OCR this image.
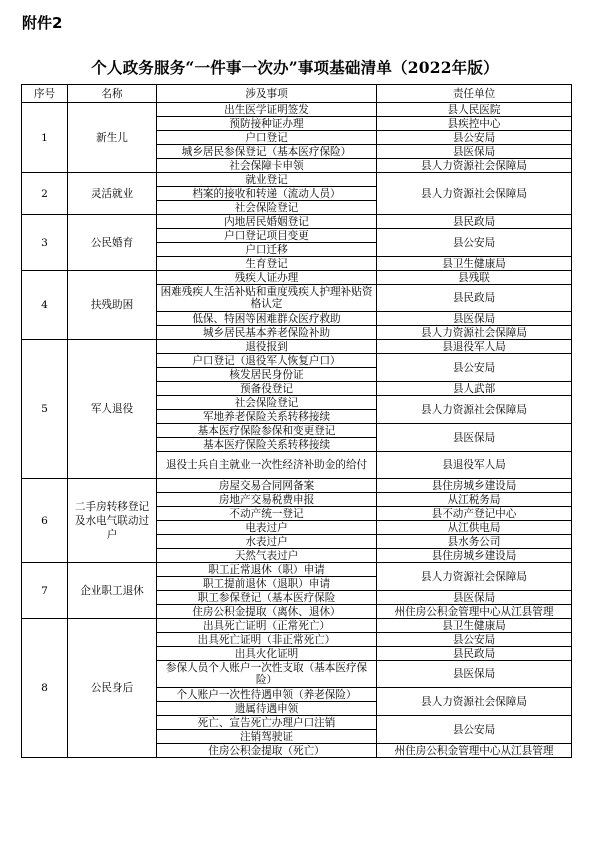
附件2
个人政务服务“一件事一次办”事项基础清单（2022年版）
序号	名称	涉及事项	责任单位
1	新生儿	出生医学证明签发	县人民医院
		预防接种证办理	县疾控中心
		户口登记	县公安局
		城乡居民参保登记（基本医疗保险）	县医保局
		社会保障卡申领	县人力资源社会保障局
2	灵活就业	就业登记	县人力资源社会保障局
		档案的接收和转递（流动人员）	
		社会保险登记	
3	公民婚育	内地居民婚姻登记	县民政局
		户口登记项目变更	县公安局
		户口迁移	
		生育登记	县卫生健康局
4	扶残助困	残疾人证办理	县残联
		困难残疾人生活补贴和重度残疾人护理补贴资格认定	县民政局
		低保、特困等困难群众医疗救助	县医保局
		城乡居民基本养老保险补助	县人力资源社会保障局
5	军人退役	退役报到	县退役军人局
		户口登记（退役军人恢复户口）	县公安局
		核发居民身份证	
		预备役登记	县人武部
		社会保险登记	县人力资源社会保障局
		军地养老保险关系转移接续	
		基本医疗保险参保和变更登记	县医保局
		基本医疗保险关系转移接续	
		退役士兵自主就业一次性经济补助金的给付	县退役军人局
6	二手房转移登记及水电气联动过户	房屋交易合同网备案	县住房城乡建设局
		房地产交易税费申报	从江税务局
		不动产统一登记	县不动产登记中心
		电表过户	从江供电局
		水表过户	县水务公司
		天然气表过户	县住房城乡建设局
7	企业职工退休	职工正常退休（职）申请	县人力资源社会保障局
		职工提前退休（退职）申请	
		职工参保登记（基本医疗保险	县医保局
		住房公积金提取（离休、退休）	州住房公积金管理中心从江县管理
8	公民身后	出具死亡证明（正常死亡）	县卫生健康局
		出具死亡证明（非正常死亡）	县公安局
		出具火化证明	县民政局
		参保人员个人账户一次性支取（基本医疗保险）	县医保局
		个人账户一次性待遇申领（养老保险）	县人力资源社会保障局
		遗属待遇申领	
		死亡、宣告死亡办理户口注销	县公安局
		注销驾驶证	
		住房公积金提取（死亡）	州住房公积金管理中心从江县管理
